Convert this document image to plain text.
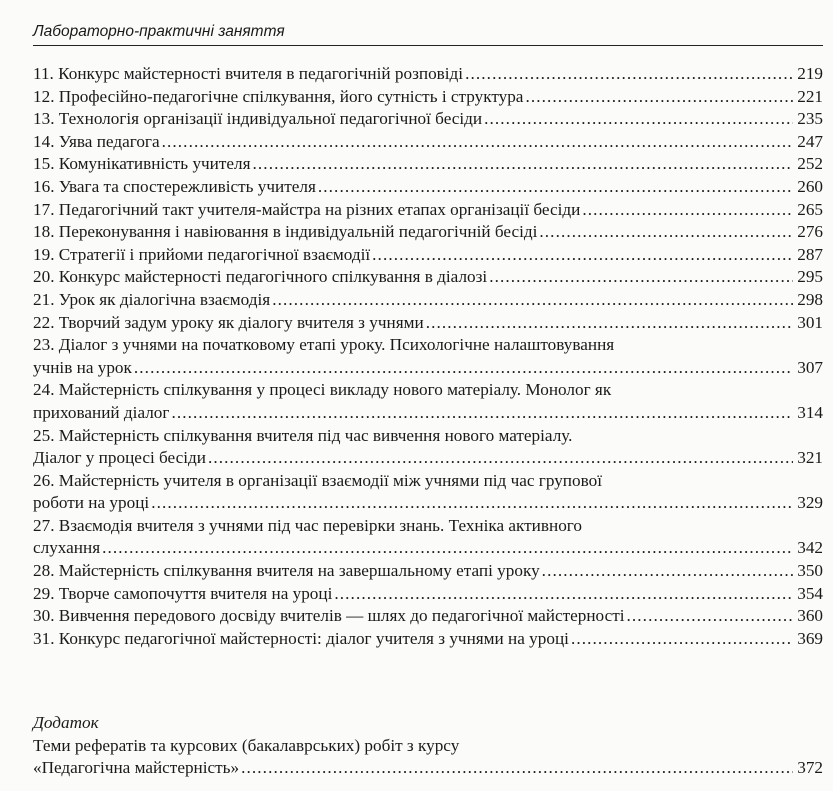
Лабораторно-практичні заняття
11. Конкурс майстерності вчителя в педагогічній розповіді . . .	219
12. Професійно-педагогічне спілкування, його сутність і структура . . .	221
13. Технологія організації індивідуальної педагогічної бесіди . . .	235
14. Уява педагога . . .	247
15. Комунікативність учителя . . .	252
16. Увага та спостережливість учителя . . .	260
17. Педагогічний такт учителя-майстра на різних етапах організації бесіди . . .	265
18. Переконування і навіювання в індивідуальній педагогічній бесіді . . .	276
19. Стратегії і прийоми педагогічної взаємодії . . .	287
20. Конкурс майстерності педагогічного спілкування в діалозі . . .	295
21. Урок як діалогічна взаємодія . . .	298
22. Творчий задум уроку як діалогу вчителя з учнями . . .	301
23. Діалог з учнями на початковому етапі уроку. Психологічне налаштовування
учнів на урок . . .	307
24. Майстерність спілкування у процесі викладу нового матеріалу. Монолог як
прихований діалог . . .	314
25. Майстерність спілкування вчителя під час вивчення нового матеріалу.
Діалог у процесі бесіди . . .	321
26. Майстерність учителя в організації взаємодії між учнями під час групової
роботи на уроці . . .	329
27. Взаємодія вчителя з учнями під час перевірки знань. Техніка активного
слухання . . .	342
28. Майстерність спілкування вчителя на завершальному етапі уроку . . .	350
29. Творче самопочуття вчителя на уроці . . .	354
30. Вивчення передового досвіду вчителів — шлях до педагогічної майстерності . . .	360
31. Конкурс педагогічної майстерності: діалог учителя з учнями на уроці . . .	369
Додаток
Теми рефератів та курсових (бакалаврських) робіт з курсу
«Педагогічна майстерність» . . .	372
